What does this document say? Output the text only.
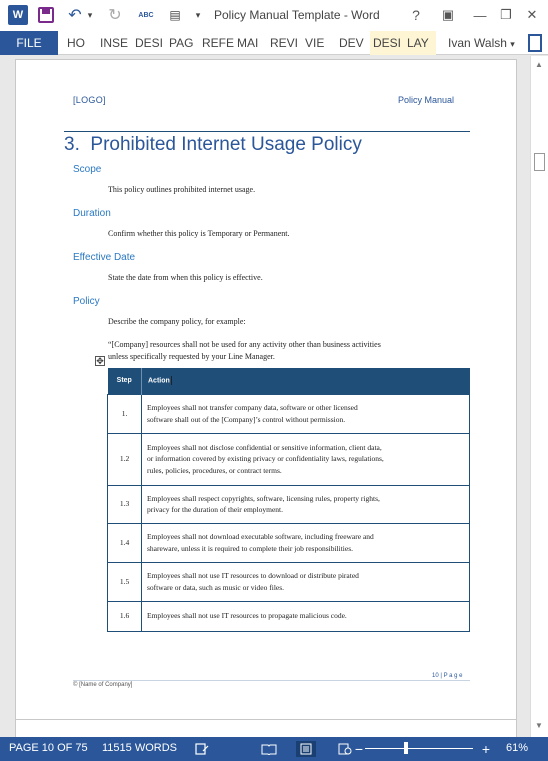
W	↶ ▾ ↻	ABC ▤	▾	Policy Manual Template - Word	?	▣ —	❐	✕
FILE	HO INSE DESI PAG REFE MAI REVI VIE DEV DESI LAY	Ivan Walsh ▾
[LOGO]	Policy Manual
3. Prohibited Internet Usage Policy
Scope
This policy outlines prohibited internet usage.
Duration
Confirm whether this policy is Temporary or Permanent.
Effective Date
State the date from when this policy is effective.
Policy
Describe the company policy, for example:
“[Company] resources shall not be used for any activity other than business activities
unless specifically requested by your Line Manager.
✥
Step	Action
1.	Employees shall not transfer company data, software or other licensed
software shall out of the [Company]’s control without permission.

1.2	Employees shall not disclose confidential or sensitive information, client data,
or information covered by existing privacy or confidentiality laws, regulations,
rules, policies, procedures, or contract terms.

1.3	Employees shall respect copyrights, software, licensing rules, property rights,
privacy for the duration of their employment.

1.4	Employees shall not download executable software, including freeware and
shareware, unless it is required to complete their job responsibilities.

1.5	Employees shall not use IT resources to download or distribute pirated
software or data, such as music or video files.

1.6	Employees shall not use IT resources to propagate malicious code.
10 | P a g e
© [Name of Company]
▲
▼
PAGE 10 OF 75 11515 WORDS	−	+	61%
